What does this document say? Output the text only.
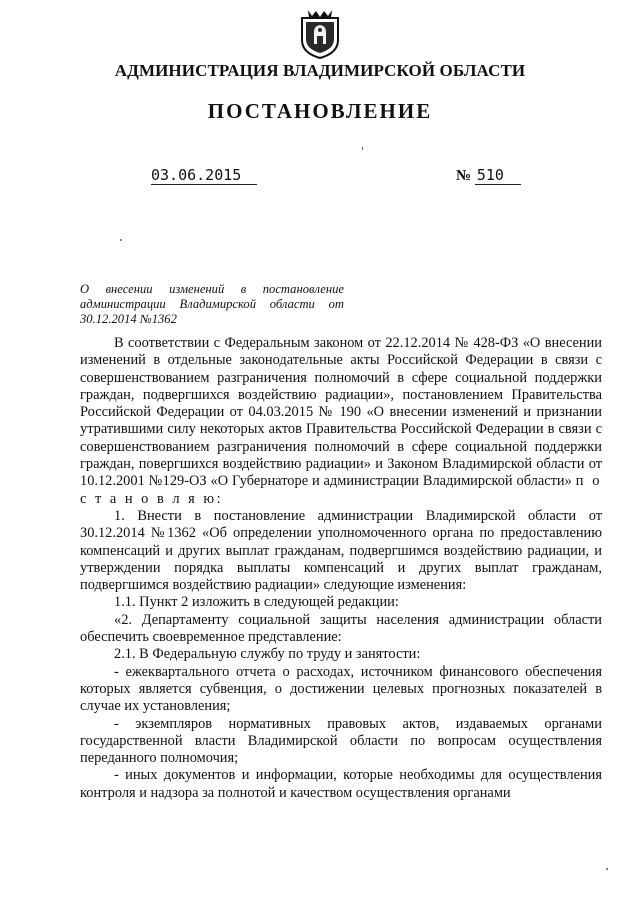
АДМИНИСТРАЦИЯ ВЛАДИМИРСКОЙ ОБЛАСТИ
ПОСТАНОВЛЕНИЕ
03.06.2015	№ 510
О внесении изменений в постановление администрации Владимирской области от 30.12.2014 №1362

В соответствии с Федеральным законом от 22.12.2014 № 428-ФЗ «О внесении изменений в отдельные законодательные акты Российской Федерации в связи с совершенствованием разграничения полномочий в сфере социальной поддержки граждан, подвергшихся воздействию радиации», постановлением Правительства Российской Федерации от 04.03.2015 № 190 «О внесении изменений и признании утратившими силу некоторых актов Правительства Российской Федерации в связи с совершенствованием разграничения полномочий в сфере социальной поддержки граждан, повергшихся воздействию радиации» и Законом Владимирской области от 10.12.2001 №129-ОЗ «О Губернаторе и администрации Владимирской области» п о с т а н о в л я ю:

1. Внести в постановление администрации Владимирской области от 30.12.2014 №1362 «Об определении уполномоченного органа по предоставлению компенсаций и других выплат гражданам, подвергшимся воздействию радиации, и утверждении порядка выплаты компенсаций и других выплат гражданам, подвергшимся воздействию радиации» следующие изменения:

1.1. Пункт 2 изложить в следующей редакции:

«2. Департаменту социальной защиты населения администрации области обеспечить своевременное представление:

2.1. В Федеральную службу по труду и занятости:

- ежеквартального отчета о расходах, источником финансового обеспечения которых является субвенция, о достижении целевых прогнозных показателей в случае их установления;

- экземпляров нормативных правовых актов, издаваемых органами государственной власти Владимирской области по вопросам осуществления переданного полномочия;

- иных документов и информации, которые необходимы для осуществления контроля и надзора за полнотой и качеством осуществления органами
